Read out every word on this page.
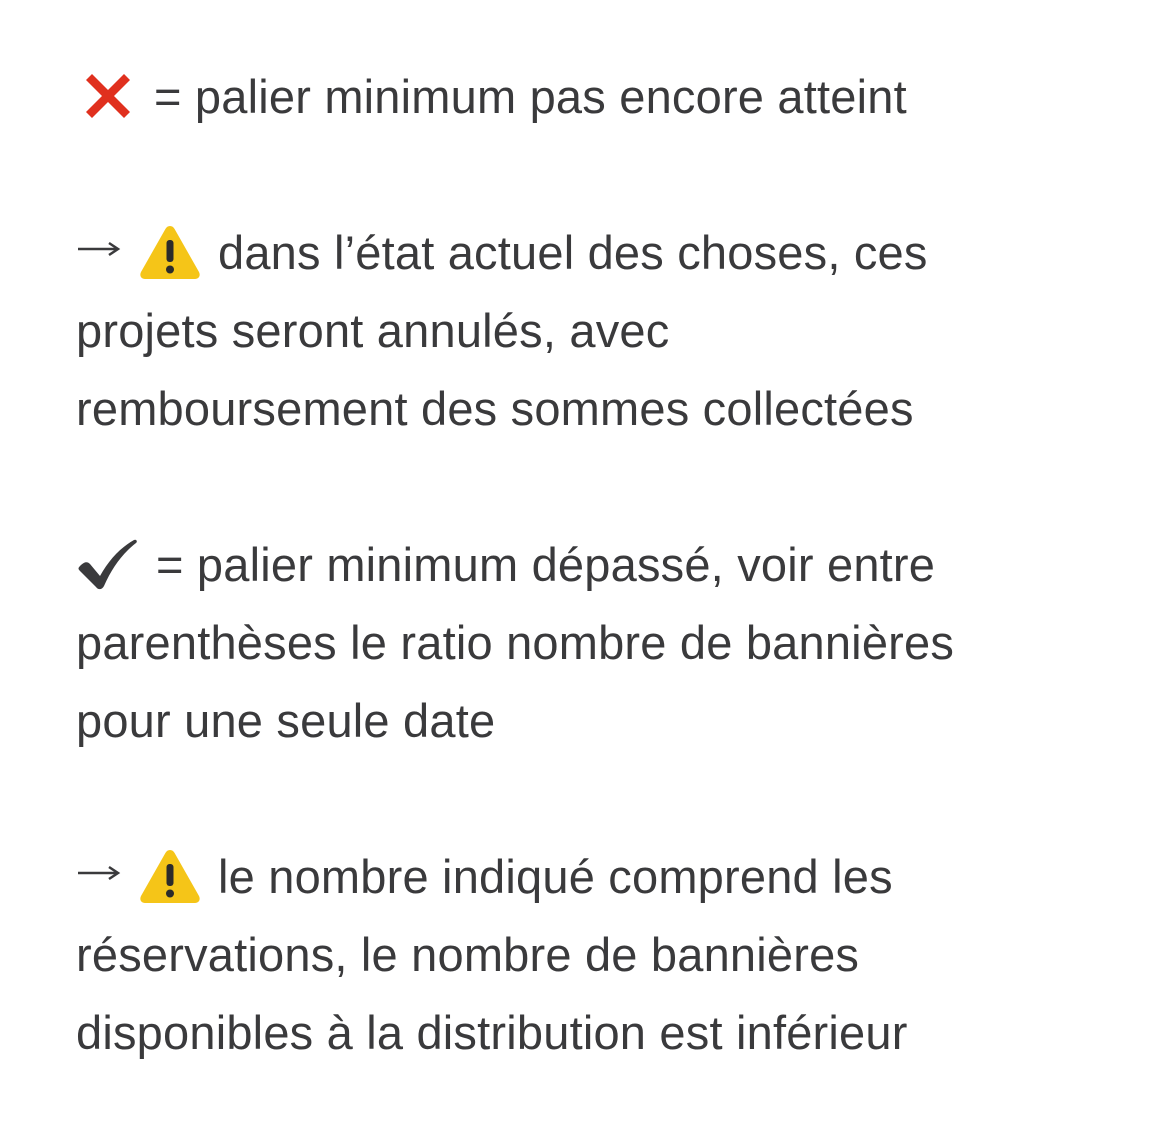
= palier minimum pas encore atteint

dans l’état actuel des choses, ces
projets seront annulés, avec
remboursement des sommes collectées

= palier minimum dépassé, voir entre
parenthèses le ratio nombre de bannières
pour une seule date

le nombre indiqué comprend les
réservations, le nombre de bannières
disponibles à la distribution est inférieur
